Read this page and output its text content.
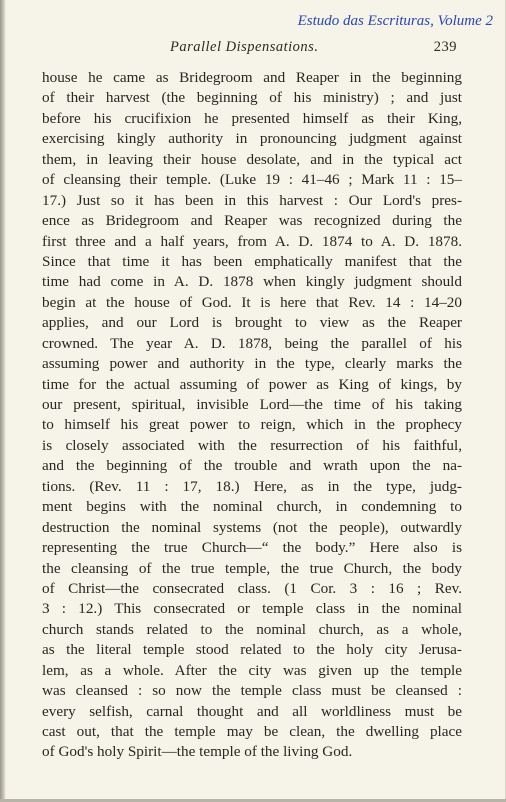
Estudo das Escrituras, Volume 2
Parallel Dispensations.	239
house he came as Bridegroom and Reaper in the beginning
of their harvest (the beginning of his ministry) ; and just
before his crucifixion he presented himself as their King,
exercising kingly authority in pronouncing judgment against
them, in leaving their house desolate, and in the typical act
of cleansing their temple. (Luke 19 : 41–46 ; Mark 11 : 15–
17.) Just so it has been in this harvest : Our Lord's pres-
ence as Bridegroom and Reaper was recognized during the
first three and a half years, from A. D. 1874 to A. D. 1878.
Since that time it has been emphatically manifest that the
time had come in A. D. 1878 when kingly judgment should
begin at the house of God. It is here that Rev. 14 : 14–20
applies, and our Lord is brought to view as the Reaper
crowned. The year A. D. 1878, being the parallel of his
assuming power and authority in the type, clearly marks the
time for the actual assuming of power as King of kings, by
our present, spiritual, invisible Lord—the time of his taking
to himself his great power to reign, which in the prophecy
is closely associated with the resurrection of his faithful,
and the beginning of the trouble and wrath upon the na-
tions. (Rev. 11 : 17, 18.) Here, as in the type, judg-
ment begins with the nominal church, in condemning to
destruction the nominal systems (not the people), outwardly
representing the true Church—“ the body.” Here also is
the cleansing of the true temple, the true Church, the body
of Christ—the consecrated class. (1 Cor. 3 : 16 ; Rev.
3 : 12.) This consecrated or temple class in the nominal
church stands related to the nominal church, as a whole,
as the literal temple stood related to the holy city Jerusa-
lem, as a whole. After the city was given up the temple
was cleansed : so now the temple class must be cleansed :
every selfish, carnal thought and all worldliness must be
cast out, that the temple may be clean, the dwelling place
of God's holy Spirit—the temple of the living God.
